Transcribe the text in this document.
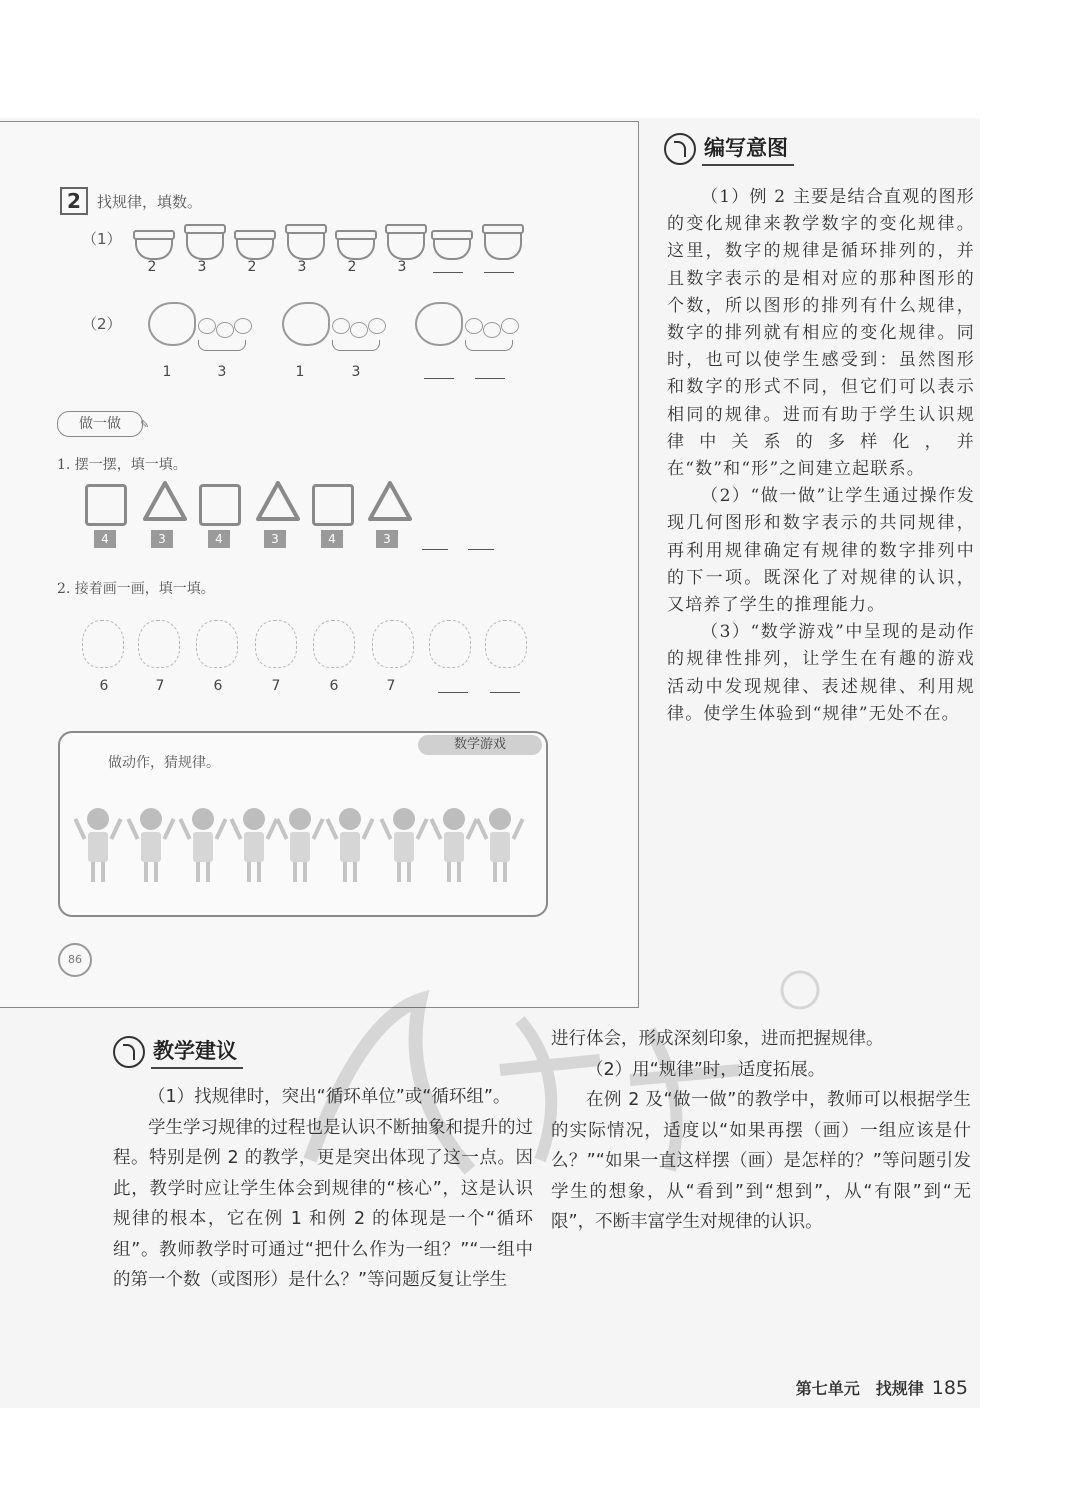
2	找规律，填数。
（1）
2	3	2	3	2	3
（2）
1	3	1	3
做一做	✎
1. 摆一摆，填一填。
4	3	4	3	4	3
2. 接着画一画，填一填。
6	7	6	7	6	7
数学游戏
做动作，猜规律。
86
编写意图

（1）例 2 主要是结合直观的图形的变化规律来教学数字的变化规律。这里，数字的规律是循环排列的，并且数字表示的是相对应的那种图形的个数，所以图形的排列有什么规律，数字的排列就有相应的变化规律。同时，也可以使学生感受到：虽然图形和数字的形式不同，但它们可以表示相同的规律。进而有助于学生认识规律中关系的多样化，并在“数”和“形”之间建立起联系。

（2）“做一做”让学生通过操作发现几何图形和数字表示的共同规律，再利用规律确定有规律的数字排列中的下一项。既深化了对规律的认识，又培养了学生的推理能力。

（3）“数学游戏”中呈现的是动作的规律性排列，让学生在有趣的游戏活动中发现规律、表述规律、利用规律。使学生体验到“规律”无处不在。

教学建议

（1）找规律时，突出“循环单位”或“循环组”。

学生学习规律的过程也是认识不断抽象和提升的过程。特别是例 2 的教学，更是突出体现了这一点。因此，教学时应让学生体会到规律的“核心”，这是认识规律的根本，它在例 1 和例 2 的体现是一个“循环组”。教师教学时可通过“把什么作为一组？”“一组中的第一个数（或图形）是什么？”等问题反复让学生

进行体会，形成深刻印象，进而把握规律。

（2）用“规律”时，适度拓展。

在例 2 及“做一做”的教学中，教师可以根据学生的实际情况，适度以“如果再摆（画）一组应该是什么？”“如果一直这样摆（画）是怎样的？”等问题引发学生的想象，从“看到”到“想到”，从“有限”到“无限”，不断丰富学生对规律的认识。

第七单元　找规律 185
